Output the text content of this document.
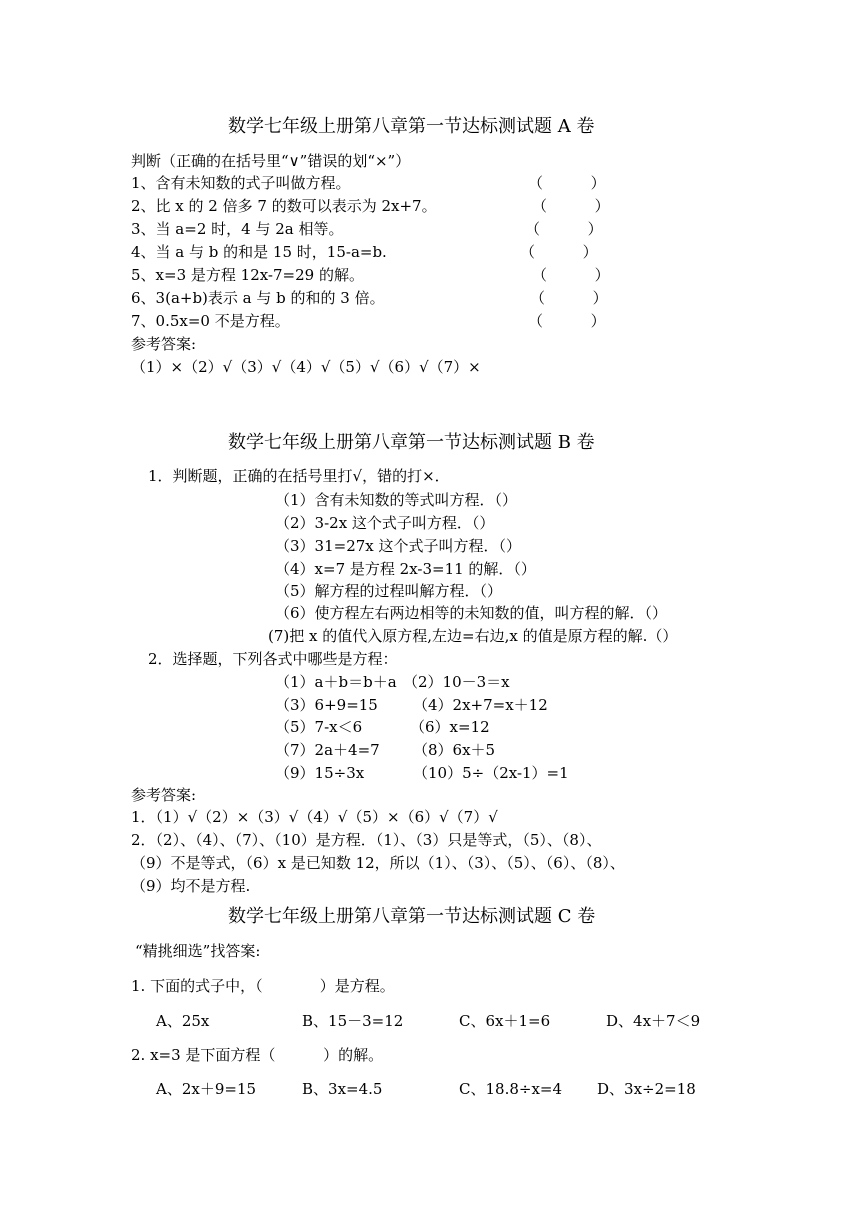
数学七年级上册第八章第一节达标测试题 A 卷
判断（正确的在括号里“∨”错误的划“×”）
1、含有未知数的式子叫做方程。	（          ）
2、比 x 的 2 倍多 7 的数可以表示为 2x+7。	（          ）
3、当 a=2 时，4 与 2a 相等。	（          ）
4、当 a 与 b 的和是 15 时，15-a=b.	（          ）
5、x=3 是方程 12x-7=29 的解。	（          ）
6、3(a+b)表示 a 与 b 的和的 3 倍。	（          ）
7、0.5x=0 不是方程。	（          ）
参考答案:
（1）×（2）√（3）√（4）√（5）√（6）√（7）×
数学七年级上册第八章第一节达标测试题 B 卷
1．判断题，正确的在括号里打√，错的打×．
（1）含有未知数的等式叫方程．（）
（2）3-2x 这个式子叫方程．（）
（3）31=27x 这个式子叫方程．（）
（4）x=7 是方程 2x-3=11 的解．（）
（5）解方程的过程叫解方程．（）
（6）使方程左右两边相等的未知数的值，叫方程的解．（）
(7)把 x 的值代入原方程,左边=右边,x 的值是原方程的解.（）
2．选择题，下列各式中哪些是方程：
（1）a＋b＝b＋a （2）10－3＝x
（3）6+9=15 （4）2x+7=x＋12
（5）7-x＜6	（6）x=12
（7）2a＋4=7 （8）6x＋5
（9）15÷3x	（10）5÷（2x-1）=1
参考答案:
1．（1）√（2）×（3）√（4）√（5）×（6）√（7）√
2．（2）、（4）、（7）、（10）是方程．（1）、（3）只是等式，（5）、（8）、
（9）不是等式，（6）x 是已知数 12，所以（1）、（3）、（5）、（6）、（8）、
（9）均不是方程.
数学七年级上册第八章第一节达标测试题 C 卷
“精挑细选”找答案:
1. 下面的式子中，（            ）是方程。
A、25x	B、15－3=12	C、6x＋1=6	D、4x＋7＜9
2. x=3 是下面方程（          ）的解。
A、2x＋9=15	B、3x=4.5	C、18.8÷x=4 D、3x÷2=18
